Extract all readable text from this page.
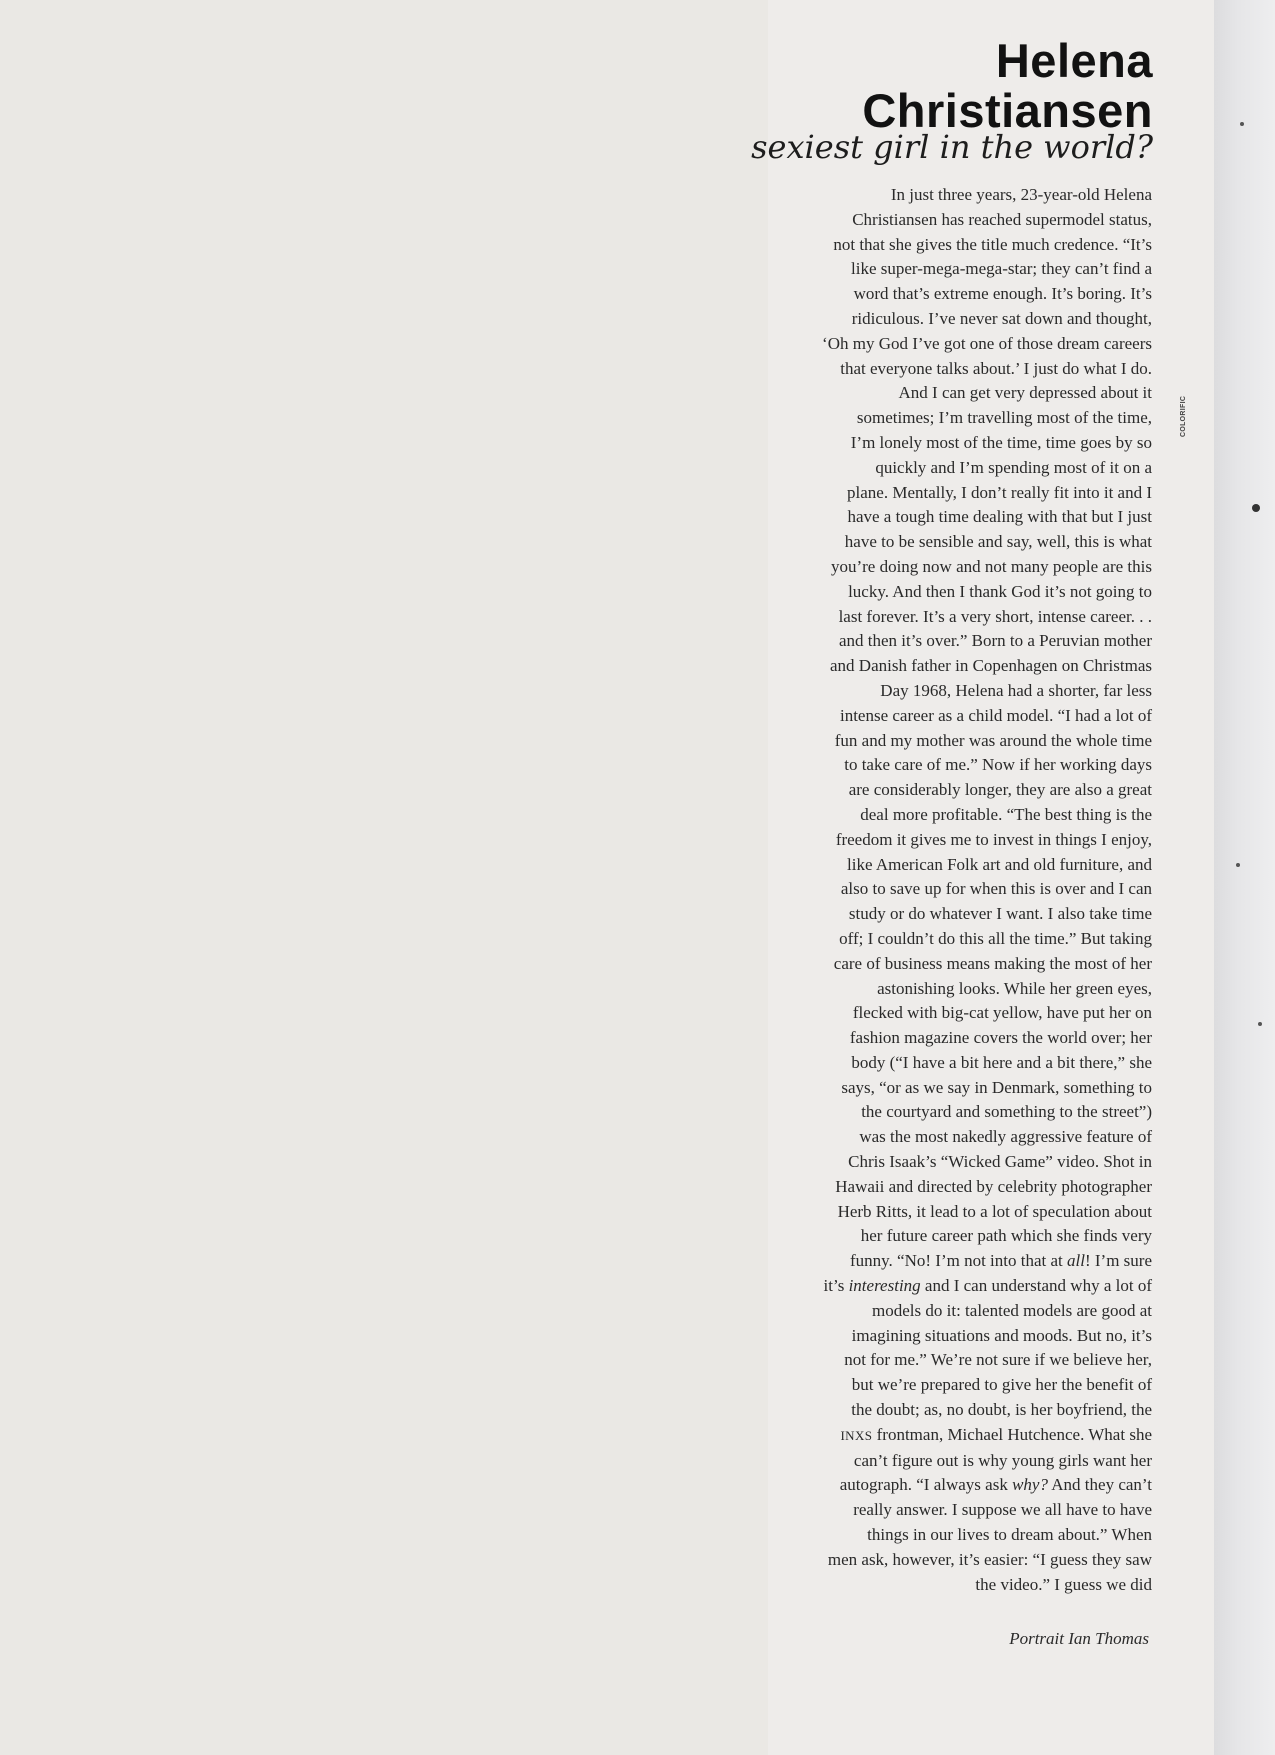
COLORIFIC
Helena
Christiansen
sexiest girl in the world?
In just three years, 23-year-old Helena
Christiansen has reached supermodel status,
not that she gives the title much credence. “It’s
like super-mega-mega-star; they can’t find a
word that’s extreme enough. It’s boring. It’s
ridiculous. I’ve never sat down and thought,
‘Oh my God I’ve got one of those dream careers
that everyone talks about.’ I just do what I do.
And I can get very depressed about it
sometimes; I’m travelling most of the time,
I’m lonely most of the time, time goes by so
quickly and I’m spending most of it on a
plane. Mentally, I don’t really fit into it and I
have a tough time dealing with that but I just
have to be sensible and say, well, this is what
you’re doing now and not many people are this
lucky. And then I thank God it’s not going to
last forever. It’s a very short, intense career. . .
and then it’s over.” Born to a Peruvian mother
and Danish father in Copenhagen on Christmas
Day 1968, Helena had a shorter, far less
intense career as a child model. “I had a lot of
fun and my mother was around the whole time
to take care of me.” Now if her working days
are considerably longer, they are also a great
deal more profitable. “The best thing is the
freedom it gives me to invest in things I enjoy,
like American Folk art and old furniture, and
also to save up for when this is over and I can
study or do whatever I want. I also take time
off; I couldn’t do this all the time.” But taking
care of business means making the most of her
astonishing looks. While her green eyes,
flecked with big-cat yellow, have put her on
fashion magazine covers the world over; her
body (“I have a bit here and a bit there,” she
says, “or as we say in Denmark, something to
the courtyard and something to the street”)
was the most nakedly aggressive feature of
Chris Isaak’s “Wicked Game” video. Shot in
Hawaii and directed by celebrity photographer
Herb Ritts, it lead to a lot of speculation about
her future career path which she finds very
funny. “No! I’m not into that at all! I’m sure
it’s interesting and I can understand why a lot of
models do it: talented models are good at
imagining situations and moods. But no, it’s
not for me.” We’re not sure if we believe her,
but we’re prepared to give her the benefit of
the doubt; as, no doubt, is her boyfriend, the
INXS frontman, Michael Hutchence. What she
can’t figure out is why young girls want her
autograph. “I always ask why? And they can’t
really answer. I suppose we all have to have
things in our lives to dream about.” When
men ask, however, it’s easier: “I guess they saw
the video.” I guess we did
Portrait Ian Thomas
